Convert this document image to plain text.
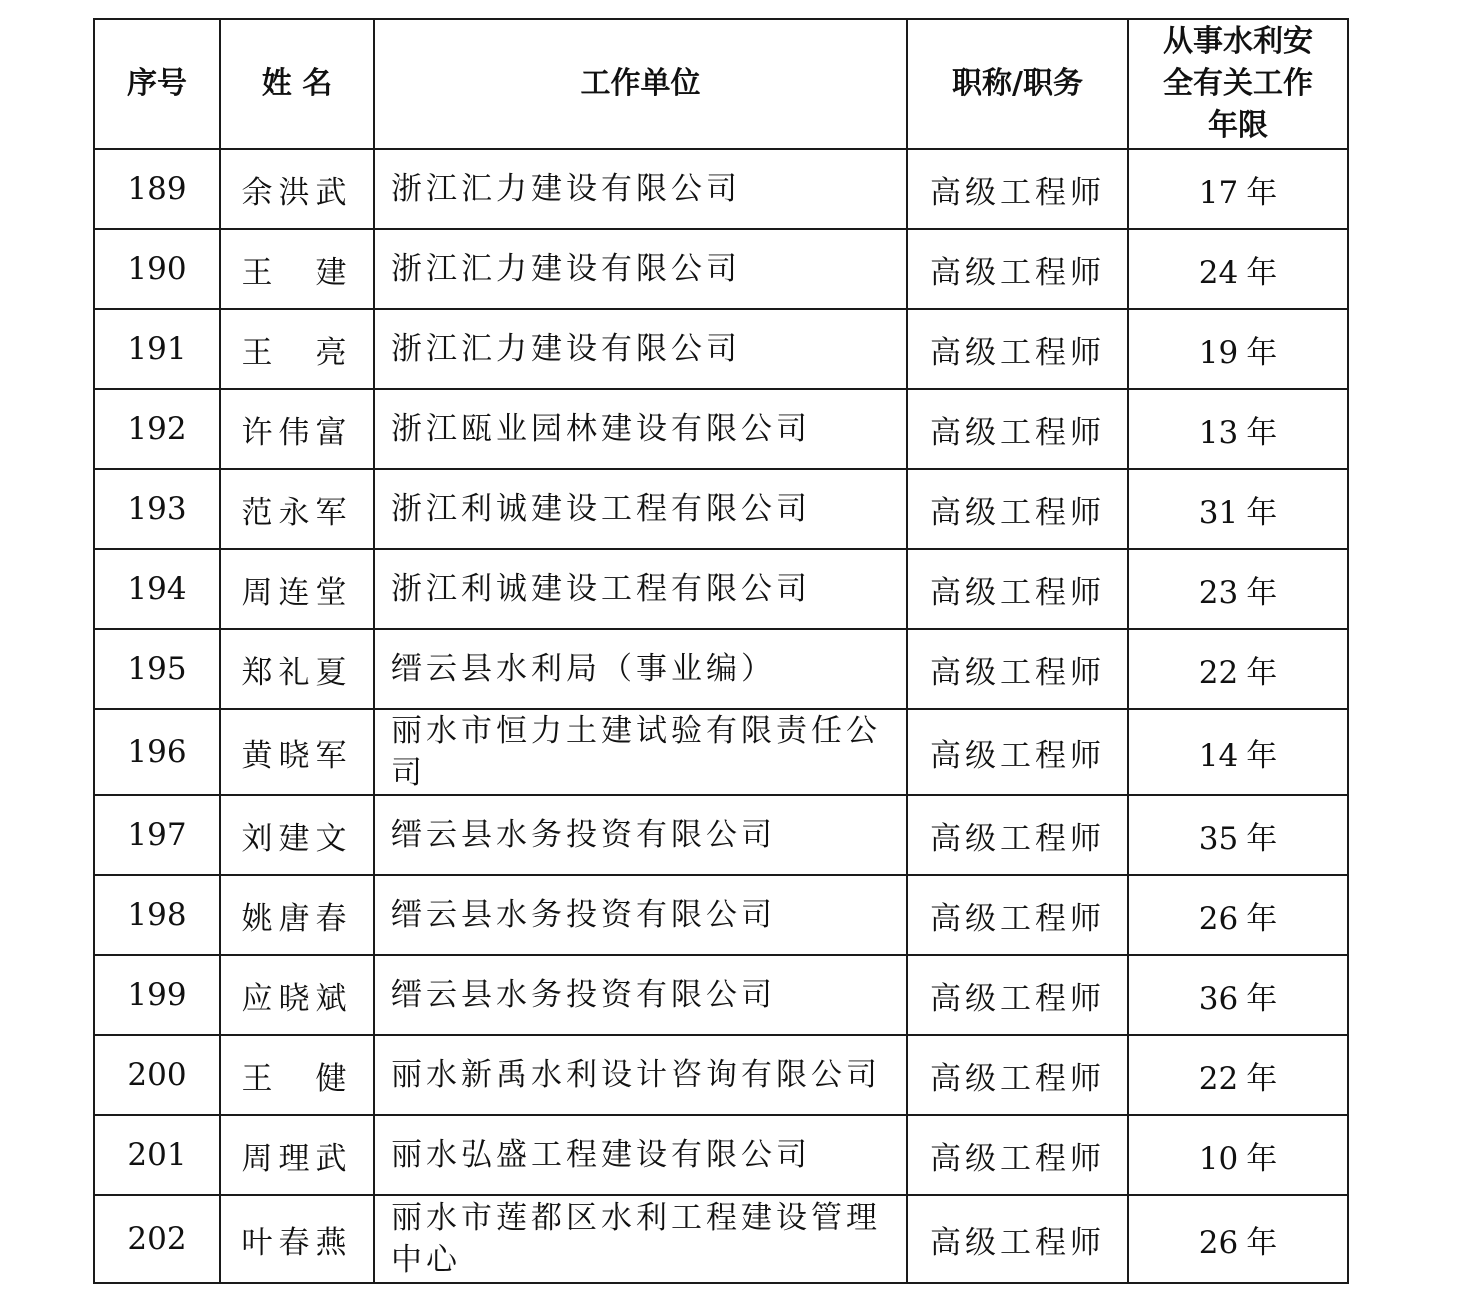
序号	姓 名	工作单位	职称/职务	从事水利安全有关工作年限

189	余洪武	浙江汇力建设有限公司	高级工程师	17 年
190	王　建	浙江汇力建设有限公司	高级工程师	24 年
191	王　亮	浙江汇力建设有限公司	高级工程师	19 年
192	许伟富	浙江瓯业园林建设有限公司	高级工程师	13 年
193	范永军	浙江利诚建设工程有限公司	高级工程师	31 年
194	周连堂	浙江利诚建设工程有限公司	高级工程师	23 年
195	郑礼夏	缙云县水利局（事业编）	高级工程师	22 年
196	黄晓军	丽水市恒力土建试验有限责任公司	高级工程师	14 年
197	刘建文	缙云县水务投资有限公司	高级工程师	35 年
198	姚唐春	缙云县水务投资有限公司	高级工程师	26 年
199	应晓斌	缙云县水务投资有限公司	高级工程师	36 年
200	王　健	丽水新禹水利设计咨询有限公司	高级工程师	22 年
201	周理武	丽水弘盛工程建设有限公司	高级工程师	10 年
202	叶春燕	丽水市莲都区水利工程建设管理中心	高级工程师	26 年
